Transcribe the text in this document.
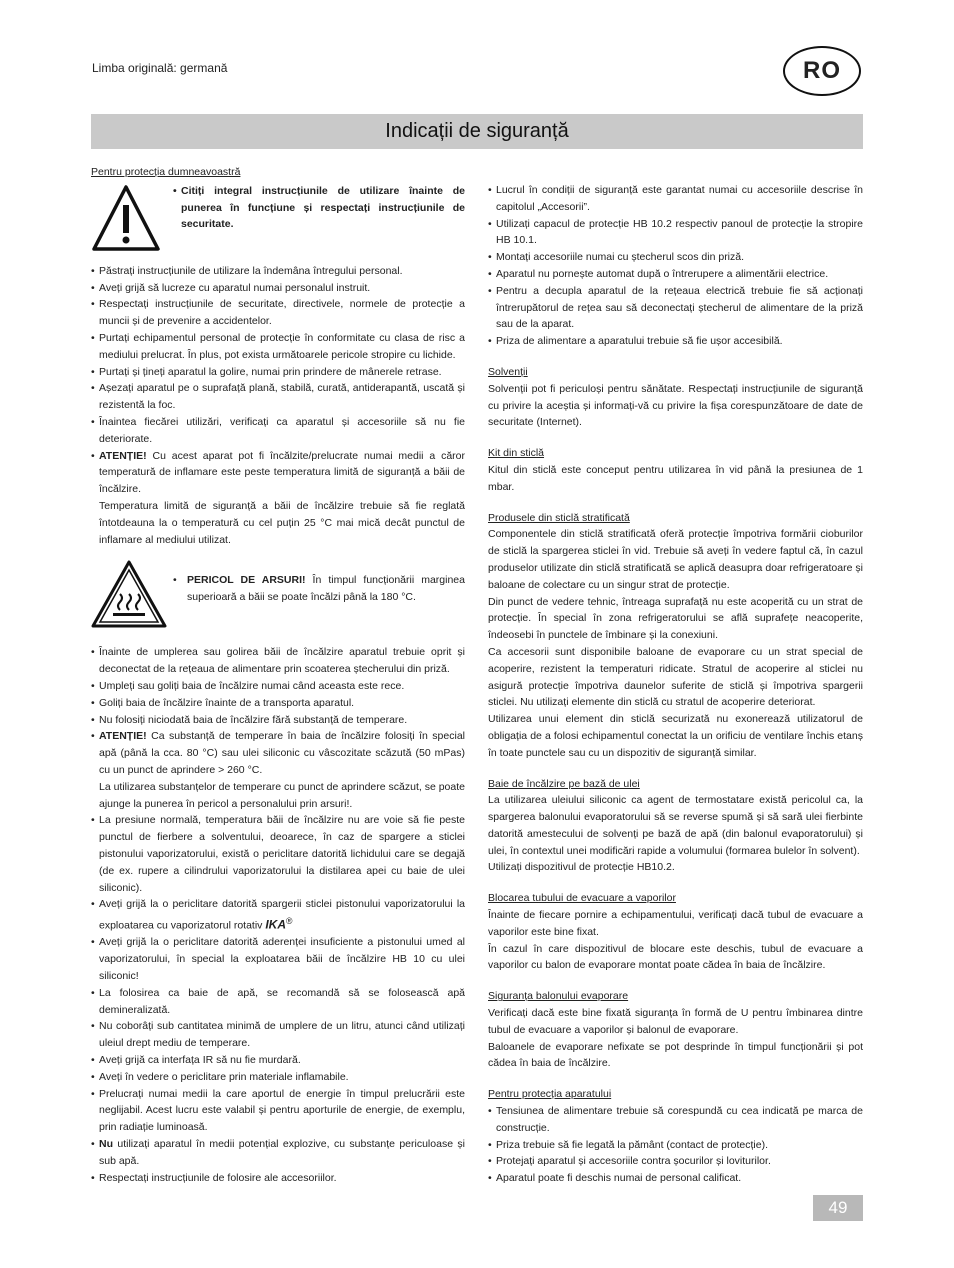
Limba originală: germană	RO
Indicații de siguranță
Pentru protecția dumneavoastră
• Citiți integral instrucțiunile de utilizare înainte de punerea în funcțiune și respectați instrucțiunile de securitate.
• Păstrați instrucțiunile de utilizare la îndemâna întregului personal.
• Aveți grijă să lucreze cu aparatul numai personalul instruit.
• Respectați instrucțiunile de securitate, directivele, normele de protecție a muncii și de prevenire a accidentelor.
• Purtați echipamentul personal de protecție în conformitate cu clasa de risc a mediului prelucrat. În plus, pot exista următoarele pericole stropire cu lichide.
• Purtați și țineți aparatul la golire, numai prin prindere de mânerele retrase.
• Așezați aparatul pe o suprafață plană, stabilă, curată, antiderapantă, uscată și rezistentă la foc.
• Înaintea fiecărei utilizări, verificați ca aparatul și accesoriile să nu fie deteriorate.
• ATENȚIE! Cu acest aparat pot fi încălzite/prelucrate numai medii a căror temperatură de inflamare este peste temperatura limită de siguranță a băii de încălzire.

Temperatura limită de siguranță a băii de încălzire trebuie să fie reglată întotdeauna la o temperatură cu cel puțin 25 °C mai mică decât punctul de inflamare al mediului utilizat.

• PERICOL DE ARSURI! În timpul funcționării marginea superioară a băii se poate încălzi până la 180 °C.
• Înainte de umplerea sau golirea băii de încălzire aparatul trebuie oprit și deconectat de la rețeaua de alimentare prin scoaterea ștecherului din priză.
• Umpleți sau goliți baia de încălzire numai când aceasta este rece.
• Goliți baia de încălzire înainte de a transporta aparatul.
• Nu folosiți niciodată baia de încălzire fără substanță de temperare.
• ATENȚIE! Ca substanță de temperare în baia de încălzire folosiți în special apă (până la cca. 80 °C) sau ulei siliconic cu vâscozitate scăzută (50 mPas) cu un punct de aprindere > 260 °C.

La utilizarea substanțelor de temperare cu punct de aprindere scăzut, se poate ajunge la punerea în pericol a personalului prin arsuri!.

• La presiune normală, temperatura băii de încălzire nu are voie să fie peste punctul de fierbere a solventului, deoarece, în caz de spargere a sticlei pistonului vaporizatorului, există o periclitare datorită lichidului care se degajă (de ex. rupere a cilindrului vaporizatorului la distilarea apei cu baie de ulei siliconic).
• Aveți grijă la o periclitare datorită spargerii sticlei pistonului vaporizatorului la exploatarea cu vaporizatorul rotativ IKA®
• Aveți grijă la o periclitare datorită aderenței insuficiente a pistonului umed al vaporizatorului, în special la exploatarea băii de încălzire HB 10 cu ulei siliconic!
• La folosirea ca baie de apă, se recomandă să se folosească apă demineralizată.
• Nu coborâți sub cantitatea minimă de umplere de un litru, atunci când utilizați uleiul drept mediu de temperare.
• Aveți grijă ca interfața IR să nu fie murdară.
• Aveți în vedere o periclitare prin materiale inflamabile.
• Prelucrați numai medii la care aportul de energie în timpul prelucrării este neglijabil. Acest lucru este valabil și pentru aporturile de energie, de exemplu, prin radiație luminoasă.
• Nu utilizați aparatul în medii potențial explozive, cu substanțe periculoase și sub apă.
• Respectați instrucțiunile de folosire ale accesoriilor.
• Lucrul în condiții de siguranță este garantat numai cu accesoriile descrise în capitolul „Accesorii”.
• Utilizați capacul de protecție HB 10.2 respectiv panoul de protecție la stropire HB 10.1.
• Montați accesoriile numai cu ștecherul scos din priză.
• Aparatul nu pornește automat după o întrerupere a alimentării electrice.
• Pentru a decupla aparatul de la rețeaua electrică trebuie fie să acționați întrerupătorul de rețea sau să deconectați ștecherul de alimentare de la priză sau de la aparat.
• Priza de alimentare a aparatului trebuie să fie ușor accesibilă.
Solvenții

Solvenții pot fi periculoși pentru sănătate. Respectați instrucțiunile de siguranță cu privire la aceștia și informați-vă cu privire la fișa corespunzătoare de date de securitate (Internet).

Kit din sticlă

Kitul din sticlă este conceput pentru utilizarea în vid până la presiunea de 1 mbar.

Produsele din sticlă stratificată

Componentele din sticlă stratificată oferă protecție împotriva formării cioburilor de sticlă la spargerea sticlei în vid. Trebuie să aveți în vedere faptul că, în cazul produselor utilizate din sticlă stratificată se aplică deasupra doar refrigeratoare și baloane de colectare cu un singur strat de protecție.

Din punct de vedere tehnic, întreaga suprafață nu este acoperită cu un strat de protecție. În special în zona refrigeratorului se află suprafețe neacoperite, îndeosebi în punctele de îmbinare și la conexiuni.

Ca accesorii sunt disponibile baloane de evaporare cu un strat special de acoperire, rezistent la temperaturi ridicate. Stratul de acoperire al sticlei nu asigură protecție împotriva daunelor suferite de sticlă și împotriva spargerii sticlei. Nu utilizați elemente din sticlă cu stratul de acoperire deteriorat.

Utilizarea unui element din sticlă securizată nu exonerează utilizatorul de obligația de a folosi echipamentul conectat la un orificiu de ventilare închis etanș în toate punctele sau cu un dispozitiv de siguranță similar.

Baie de încălzire pe bază de ulei

La utilizarea uleiului siliconic ca agent de termostatare există pericolul ca, la spargerea balonului evaporatorului să se reverse spumă și să sară ulei fierbinte datorită amestecului de solvenți pe bază de apă (din balonul evaporatorului) și ulei, în contextul unei modificări rapide a volumului (formarea bulelor în solvent).

Utilizați dispozitivul de protecție HB10.2.

Blocarea tubului de evacuare a vaporilor

Înainte de fiecare pornire a echipamentului, verificați dacă tubul de evacuare a vaporilor este bine fixat.

În cazul în care dispozitivul de blocare este deschis, tubul de evacuare a vaporilor cu balon de evaporare montat poate cădea în baia de încălzire.

Siguranța balonului evaporare

Verificați dacă este bine fixată siguranța în formă de U pentru îmbinarea dintre tubul de evacuare a vaporilor și balonul de evaporare.

Baloanele de evaporare nefixate se pot desprinde în timpul funcționării și pot cădea în baia de încălzire.

Pentru protecția aparatului
• Tensiunea de alimentare trebuie să corespundă cu cea indicată pe marca de construcție.
• Priza trebuie să fie legată la pământ (contact de protecție).
• Protejați aparatul și accesoriile contra șocurilor și loviturilor.
• Aparatul poate fi deschis numai de personal calificat.
49
